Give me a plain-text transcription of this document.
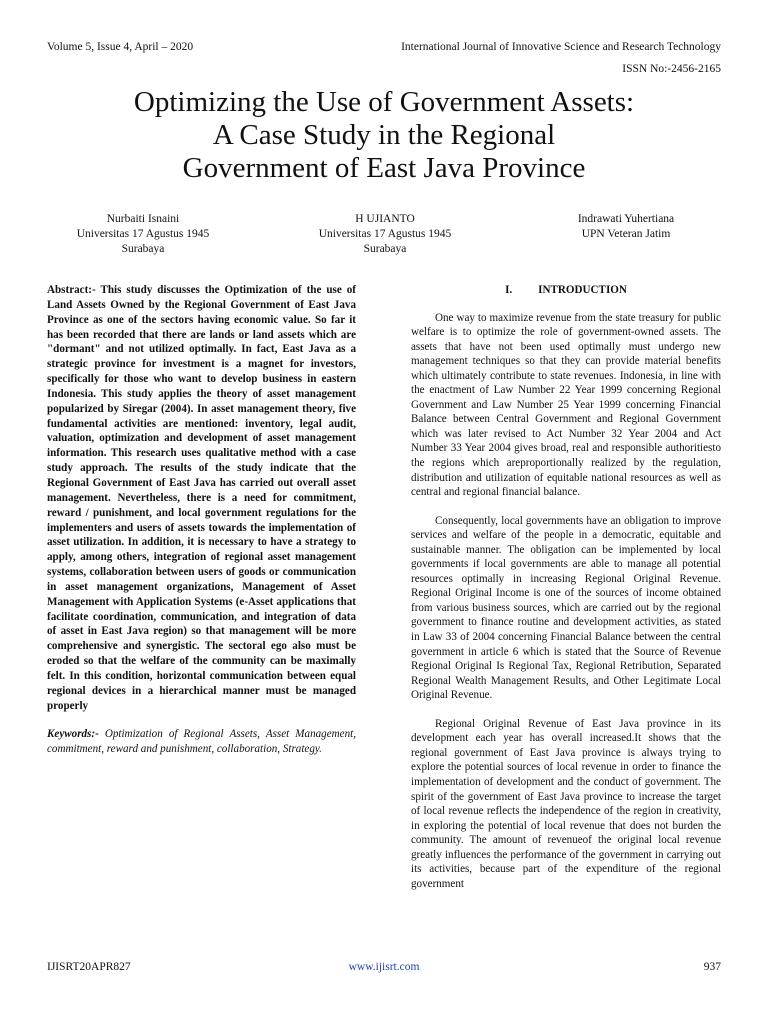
Volume 5, Issue 4, April – 2020	International Journal of Innovative Science and Research Technology
ISSN No:-2456-2165
Optimizing the Use of Government Assets:
A Case Study in the Regional
Government of East Java Province
Nurbaiti Isnaini
Universitas 17 Agustus 1945
Surabaya
H UJIANTO
Universitas 17 Agustus 1945
Surabaya
Indrawati Yuhertiana
UPN Veteran Jatim

Abstract:- This study discusses the Optimization of the use of Land Assets Owned by the Regional Government of East Java Province as one of the sectors having economic value. So far it has been recorded that there are lands or land assets which are "dormant" and not utilized optimally. In fact, East Java as a strategic province for investment is a magnet for investors, specifically for those who want to develop business in eastern Indonesia. This study applies the theory of asset management popularized by Siregar (2004). In asset management theory, five fundamental activities are mentioned: inventory, legal audit, valuation, optimization and development of asset management information. This research uses qualitative method with a case study approach. The results of the study indicate that the Regional Government of East Java has carried out overall asset management. Nevertheless, there is a need for commitment, reward / punishment, and local government regulations for the implementers and users of assets towards the implementation of asset utilization. In addition, it is necessary to have a strategy to apply, among others, integration of regional asset management systems, collaboration between users of goods or communication in asset management organizations, Management of Asset Management with Application Systems (e-Asset applications that facilitate coordination, communication, and integration of data of asset in East Java region) so that management will be more comprehensive and synergistic. The sectoral ego also must be eroded so that the welfare of the community can be maximally felt. In this condition, horizontal communication between equal regional devices in a hierarchical manner must be managed properly

Keywords:- Optimization of Regional Assets, Asset Management, commitment, reward and punishment, collaboration, Strategy.

I. INTRODUCTION

One way to maximize revenue from the state treasury for public welfare is to optimize the role of government-owned assets. The assets that have not been used optimally must undergo new management techniques so that they can provide material benefits which ultimately contribute to state revenues. Indonesia, in line with the enactment of Law Number 22 Year 1999 concerning Regional Government and Law Number 25 Year 1999 concerning Financial Balance between Central Government and Regional Government which was later revised to Act Number 32 Year 2004 and Act Number 33 Year 2004 gives broad, real and responsible authoritiesto the regions which areproportionally realized by the regulation, distribution and utilization of equitable national resources as well as central and regional financial balance.

Consequently, local governments have an obligation to improve services and welfare of the people in a democratic, equitable and sustainable manner. The obligation can be implemented by local governments if local governments are able to manage all potential resources optimally in increasing Regional Original Revenue. Regional Original Income is one of the sources of income obtained from various business sources, which are carried out by the regional government to finance routine and development activities, as stated in Law 33 of 2004 concerning Financial Balance between the central government in article 6 which is stated that the Source of Revenue Regional Original Is Regional Tax, Regional Retribution, Separated Regional Wealth Management Results, and Other Legitimate Local Original Revenue.

Regional Original Revenue of East Java province in its development each year has overall increased.It shows that the regional government of East Java province is always trying to explore the potential sources of local revenue in order to finance the implementation of development and the conduct of government. The spirit of the government of East Java province to increase the target of local revenue reflects the independence of the region in creativity, in exploring the potential of local revenue that does not burden the community. The amount of revenueof the original local revenue greatly influences the performance of the government in carrying out its activities, because part of the expenditure of the regional government

IJISRT20APR827	www.ijisrt.com	937
